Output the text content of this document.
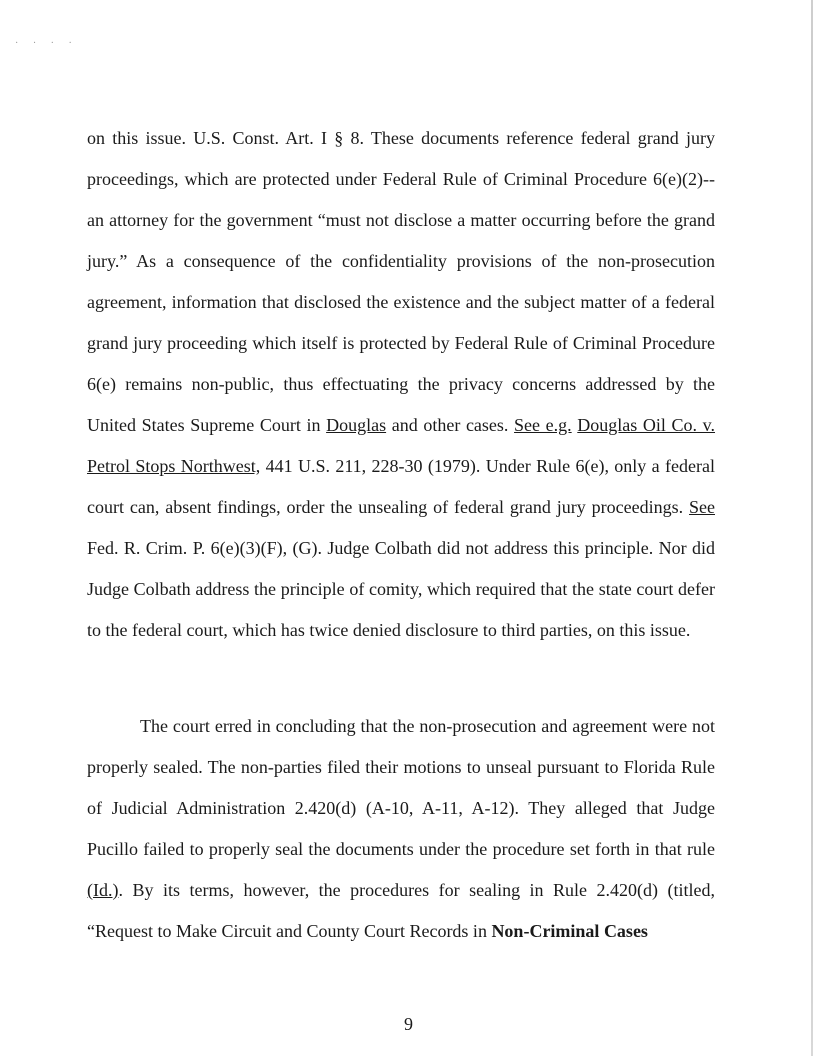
· · · ·

on this issue. U.S. Const. Art. I § 8. These documents reference federal grand jury proceedings, which are protected under Federal Rule of Criminal Procedure 6(e)(2)--an attorney for the government “must not disclose a matter occurring before the grand jury.” As a consequence of the confidentiality provisions of the non-prosecution agreement, information that disclosed the existence and the subject matter of a federal grand jury proceeding which itself is protected by Federal Rule of Criminal Procedure 6(e) remains non-public, thus effectuating the privacy concerns addressed by the United States Supreme Court in Douglas and other cases. See e.g. Douglas Oil Co. v. Petrol Stops Northwest, 441 U.S. 211, 228-30 (1979). Under Rule 6(e), only a federal court can, absent findings, order the unsealing of federal grand jury proceedings. See Fed. R. Crim. P. 6(e)(3)(F), (G). Judge Colbath did not address this principle. Nor did Judge Colbath address the principle of comity, which required that the state court defer to the federal court, which has twice denied disclosure to third parties, on this issue.

The court erred in concluding that the non-prosecution and agreement were not properly sealed. The non-parties filed their motions to unseal pursuant to Florida Rule of Judicial Administration 2.420(d) (A-10, A-11, A-12). They alleged that Judge Pucillo failed to properly seal the documents under the procedure set forth in that rule (Id.). By its terms, however, the procedures for sealing in Rule 2.420(d) (titled, “Request to Make Circuit and County Court Records in Non-Criminal Cases

9
